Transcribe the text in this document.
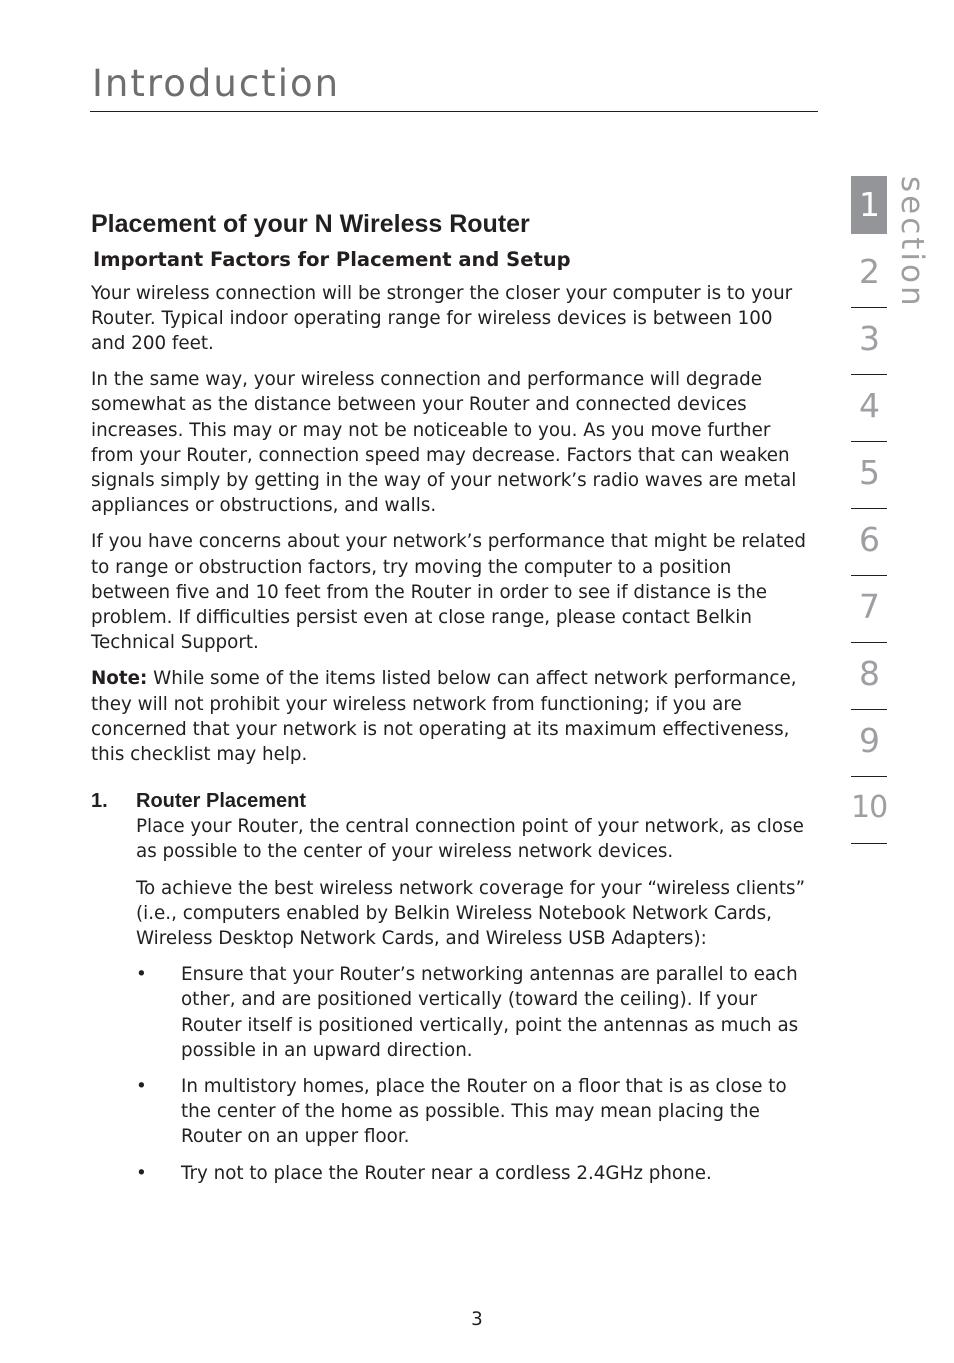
Introduction
Placement of your N Wireless Router
Important Factors for Placement and Setup

Your wireless connection will be stronger the closer your computer is to your Router. Typical indoor operating range for wireless devices is between 100 and 200 feet.

In the same way, your wireless connection and performance will degrade somewhat as the distance between your Router and connected devices increases. This may or may not be noticeable to you. As you move further from your Router, connection speed may decrease. Factors that can weaken signals simply by getting in the way of your network’s radio waves are metal appliances or obstructions, and walls.

If you have concerns about your network’s performance that might be related to range or obstruction factors, try moving the computer to a position between five and 10 feet from the Router in order to see if distance is the problem. If difficulties persist even at close range, please contact Belkin Technical Support.

Note: While some of the items listed below can affect network performance, they will not prohibit your wireless network from functioning; if you are concerned that your network is not operating at its maximum effectiveness, this checklist may help.

1. Router Placement

Place your Router, the central connection point of your network, as close as possible to the center of your wireless network devices.

To achieve the best wireless network coverage for your “wireless clients” (i.e., computers enabled by Belkin Wireless Notebook Network Cards, Wireless Desktop Network Cards, and Wireless USB Adapters):

• Ensure that your Router’s networking antennas are parallel to each other, and are positioned vertically (toward the ceiling). If your Router itself is positioned vertically, point the antennas as much as possible in an upward direction.
• In multistory homes, place the Router on a floor that is as close to the center of the home as possible. This may mean placing the Router on an upper floor.
• Try not to place the Router near a cordless 2.4GHz phone.
1
2
3
4
5
6
7
8
9
10
section
3
